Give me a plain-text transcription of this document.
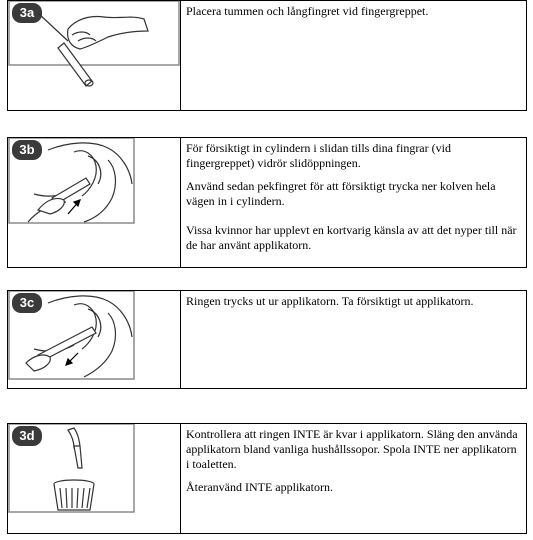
3a	Placera tummen och långfingret vid fingergreppet.

3b	För försiktigt in cylindern i slidan tills dina fingrar (vid fingergreppet) vidrör slidöppningen.

Använd sedan pekfingret för att försiktigt trycka ner kolven hela vägen in i cylindern.

Vissa kvinnor har upplevt en kortvarig känsla av att det nyper till när de har använt applikatorn.

3c	Ringen trycks ut ur applikatorn. Ta försiktigt ut applikatorn.

3d	Kontrollera att ringen INTE är kvar i applikatorn. Släng den använda applikatorn bland vanliga hushållssopor. Spola INTE ner applikatorn i toaletten.

Återanvänd INTE applikatorn.
